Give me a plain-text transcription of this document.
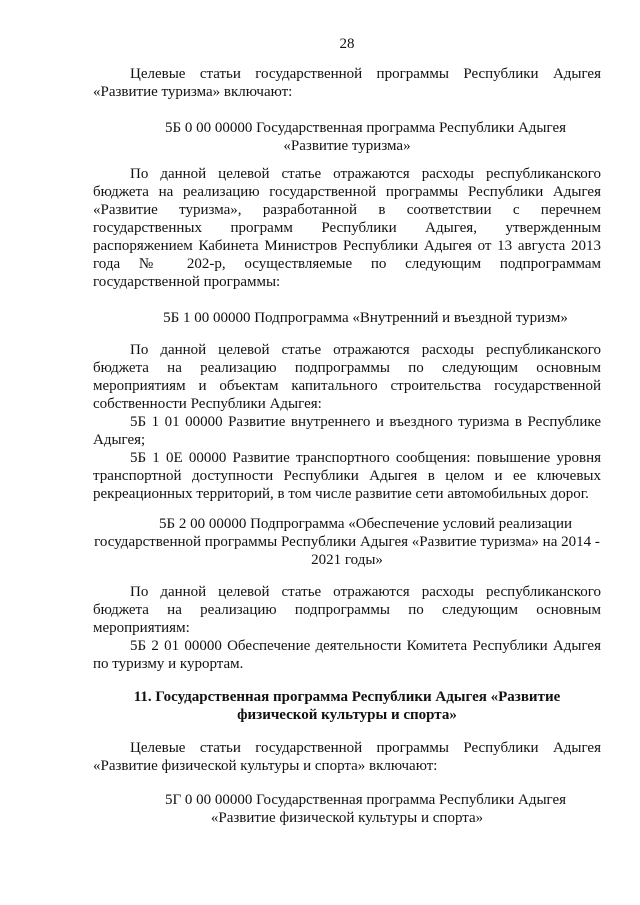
28
Целевые статьи государственной программы Республики Адыгея
«Развитие туризма» включают:
5Б 0 00 00000 Государственная программа Республики Адыгея
«Развитие туризма»
По данной целевой статье отражаются расходы республиканского
бюджета на реализацию государственной программы Республики Адыгея
«Развитие туризма», разработанной в соответствии с перечнем
государственных программ Республики Адыгея, утвержденным
распоряжением Кабинета Министров Республики Адыгея от 13 августа 2013
года № 202-р, осуществляемые по следующим подпрограммам
государственной программы:
5Б 1 00 00000 Подпрограмма «Внутренний и въездной туризм»
По данной целевой статье отражаются расходы республиканского
бюджета на реализацию подпрограммы по следующим основным
мероприятиям и объектам капитального строительства государственной
собственности Республики Адыгея:
5Б 1 01 00000 Развитие внутреннего и въездного туризма в Республике
Адыгея;
5Б 1 0Е 00000 Развитие транспортного сообщения: повышение уровня
транспортной доступности Республики Адыгея в целом и ее ключевых
рекреационных территорий, в том числе развитие сети автомобильных дорог.
5Б 2 00 00000 Подпрограмма «Обеспечение условий реализации
государственной программы Республики Адыгея «Развитие туризма» на 2014 -
2021 годы»
По данной целевой статье отражаются расходы республиканского
бюджета на реализацию подпрограммы по следующим основным
мероприятиям:
5Б 2 01 00000 Обеспечение деятельности Комитета Республики Адыгея
по туризму и курортам.
11. Государственная программа Республики Адыгея «Развитие
физической культуры и спорта»
Целевые статьи государственной программы Республики Адыгея
«Развитие физической культуры и спорта» включают:
5Г 0 00 00000 Государственная программа Республики Адыгея
«Развитие физической культуры и спорта»
